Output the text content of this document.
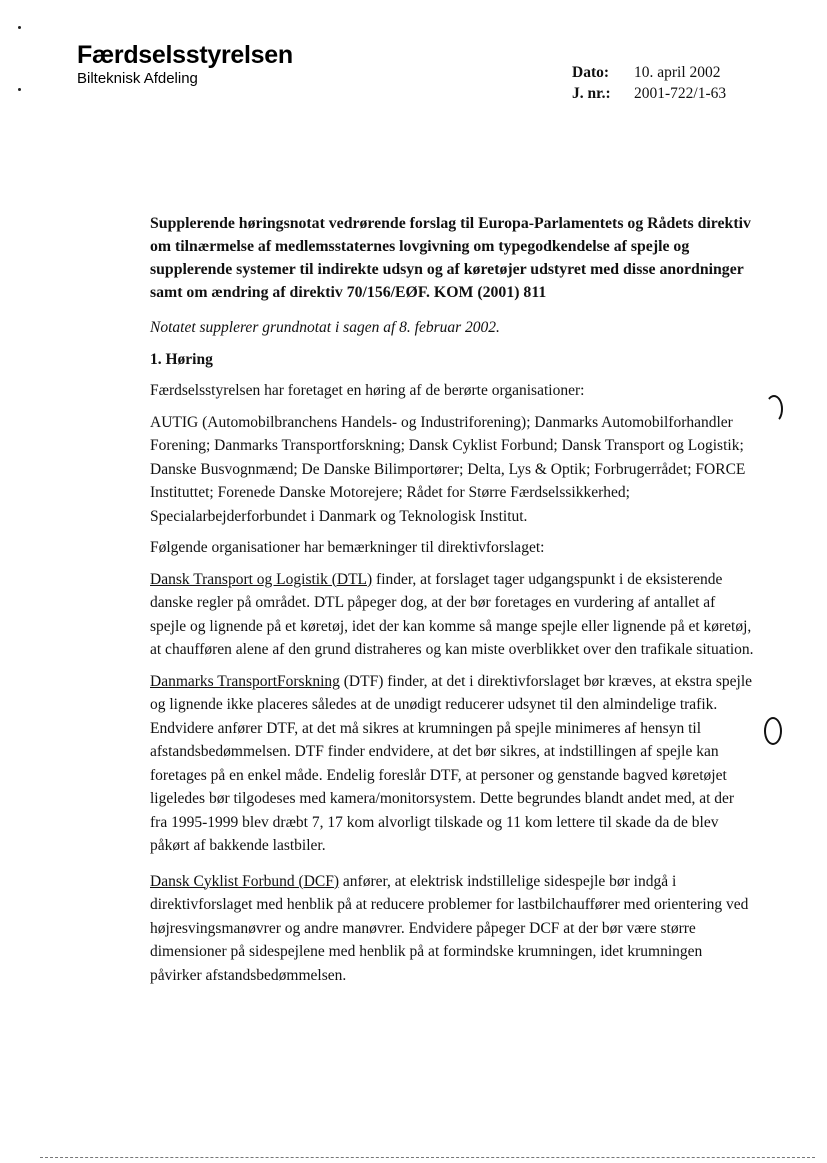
Færdselsstyrelsen
Bilteknisk Afdeling	Dato:	10. april 2002
J. nr.:	2001-722/1-63

Supplerende høringsnotat vedrørende forslag til Europa-Parlamentets og Rådets direktiv om tilnærmelse af medlemsstaternes lovgivning om typegodkendelse af spejle og supplerende systemer til indirekte udsyn og af køretøjer udstyret med disse anordninger samt om ændring af direktiv 70/156/EØF. KOM (2001) 811

Notatet supplerer grundnotat i sagen af 8. februar 2002.

1. Høring

Færdselsstyrelsen har foretaget en høring af de berørte organisationer:

AUTIG (Automobilbranchens Handels- og Industriforening); Danmarks Automobilforhandler Forening; Danmarks Transportforskning; Dansk Cyklist Forbund; Dansk Transport og Logistik; Danske Busvognmænd; De Danske Bilimportører; Delta, Lys & Optik; Forbrugerrådet; FORCE Instituttet; Forenede Danske Motorejere; Rådet for Større Færdselssikkerhed; Specialarbejderforbundet i Danmark og Teknologisk Institut.

Følgende organisationer har bemærkninger til direktivforslaget:

Dansk Transport og Logistik (DTL) finder, at forslaget tager udgangspunkt i de eksisterende danske regler på området. DTL påpeger dog, at der bør foretages en vurdering af antallet af spejle og lignende på et køretøj, idet der kan komme så mange spejle eller lignende på et køretøj, at chaufføren alene af den grund distraheres og kan miste overblikket over den trafikale situation.

Danmarks TransportForskning (DTF) finder, at det i direktivforslaget bør kræves, at ekstra spejle og lignende ikke placeres således at de unødigt reducerer udsynet til den almindelige trafik. Endvidere anfører DTF, at det må sikres at krumningen på spejle minimeres af hensyn til afstandsbedømmelsen. DTF finder endvidere, at det bør sikres, at indstillingen af spejle kan foretages på en enkel måde. Endelig foreslår DTF, at personer og genstande bagved køretøjet ligeledes bør tilgodeses med kamera/monitorsystem. Dette begrundes blandt andet med, at der fra 1995-1999 blev dræbt 7, 17 kom alvorligt tilskade og 11 kom lettere til skade da de blev påkørt af bakkende lastbiler.

Dansk Cyklist Forbund (DCF) anfører, at elektrisk indstillelige sidespejle bør indgå i direktivforslaget med henblik på at reducere problemer for lastbilchauffører med orientering ved højresvingsmanøvrer og andre manøvrer. Endvidere påpeger DCF at der bør være større dimensioner på sidespejlene med henblik på at formindske krumningen, idet krumningen påvirker afstandsbedømmelsen.
